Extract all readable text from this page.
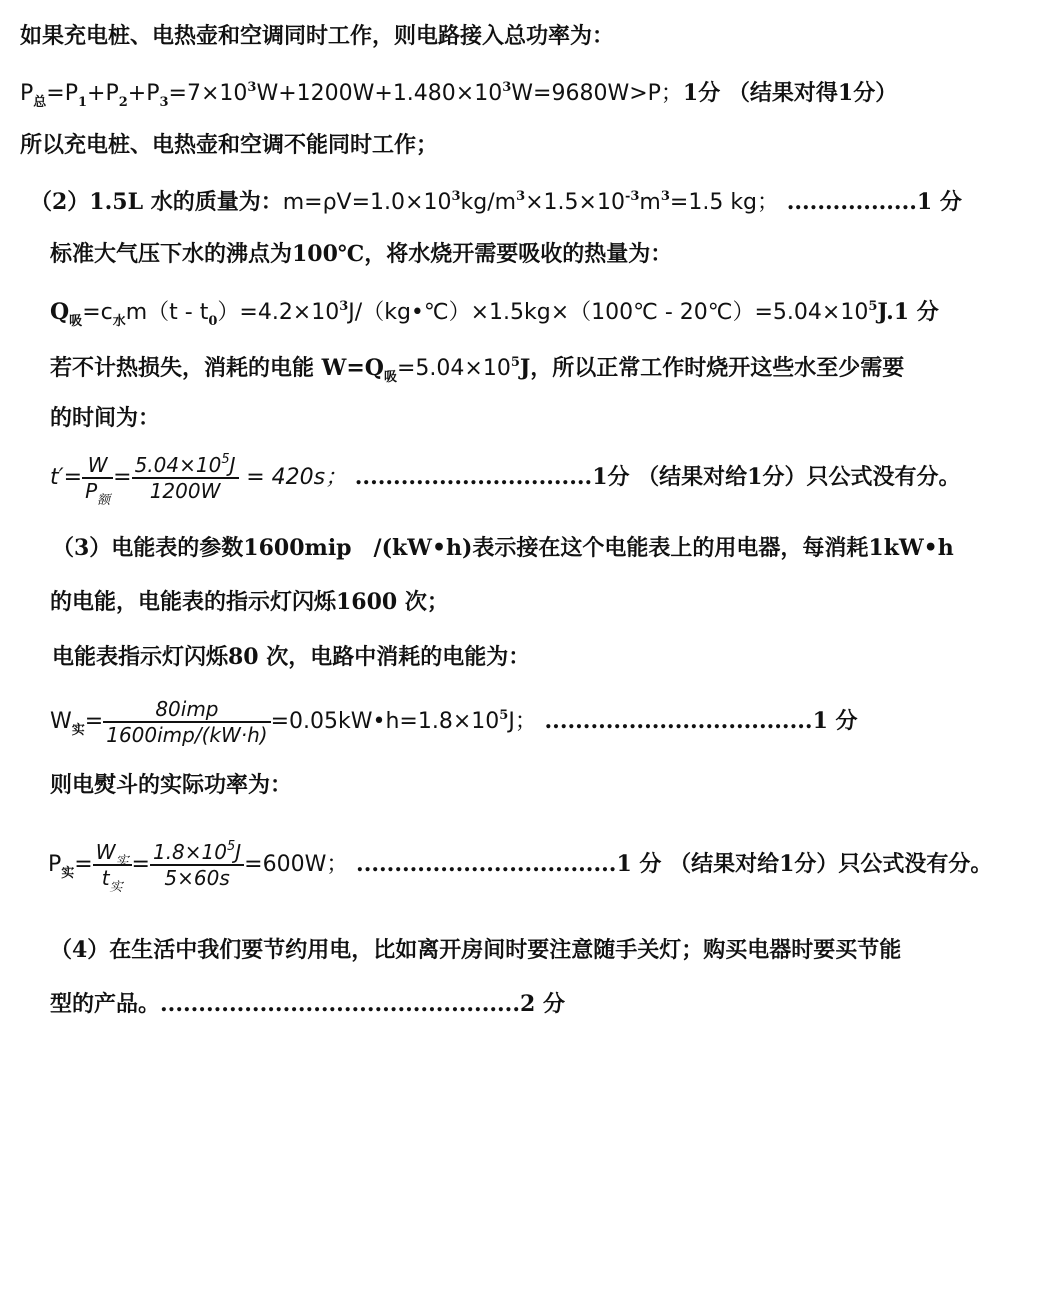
如果充电桩、电热壶和空调同时工作，则电路接入总功率为：
$P_总=P_1+P_2+P_3=7\times 10^3W+1200W+1.480\times 10^3W=9680W>P$；1分 （结果对得1分）
所以充电桩、电热壶和空调不能同时工作；
（2）1.5L 水的质量为：$m=\rho V=1.0\times 10^3kg/m^3\times 1.5\times 10^{-3}m^3=1.5$ kg； .................1 分
标准大气压下水的沸点为100℃，将水烧开需要吸收的热量为：
$Q_吸=c_水m(t$ - $t_0)=4.2\times 10^3J/(kg•℃)\times 1.5kg\times(100℃$ - $20℃)=5.04\times 10^5J.1$ 分
若不计热损失，消耗的电能 $W=Q_吸=5.04\times 10^5J$，所以正常工作时烧开这些水至少需要
的时间为：
$t'= \frac{W}{P_额} = \frac{5.04\times 10^5J}{1200W} = 420s$； ...............................1分 （结果对给1分）只公式没有分。
（3）电能表的参数1600mip　/(kW•h)表示接在这个电能表上的用电器，每消耗1kW•h
的电能，电能表的指示灯闪烁1600 次；
电能表指示灯闪烁80 次，电路中消耗的电能为：
$W_实= \frac{\text{80imp}}{\text{1600imp/(kW·h)}}$ $=0.05kW•h=1.8\times 10^5J$； ...................................1 分
则电熨斗的实际功率为：
$P_实= \frac{W_实}{t_实} = \frac{1.8\times 10^5J}{5\times 60s} =600W$； ..................................1 分 （结果对给1分）只公式没有分。
（4）在生活中我们要节约用电，比如离开房间时要注意随手关灯；购买电器时要买节能
型的产品。...............................................2 分
